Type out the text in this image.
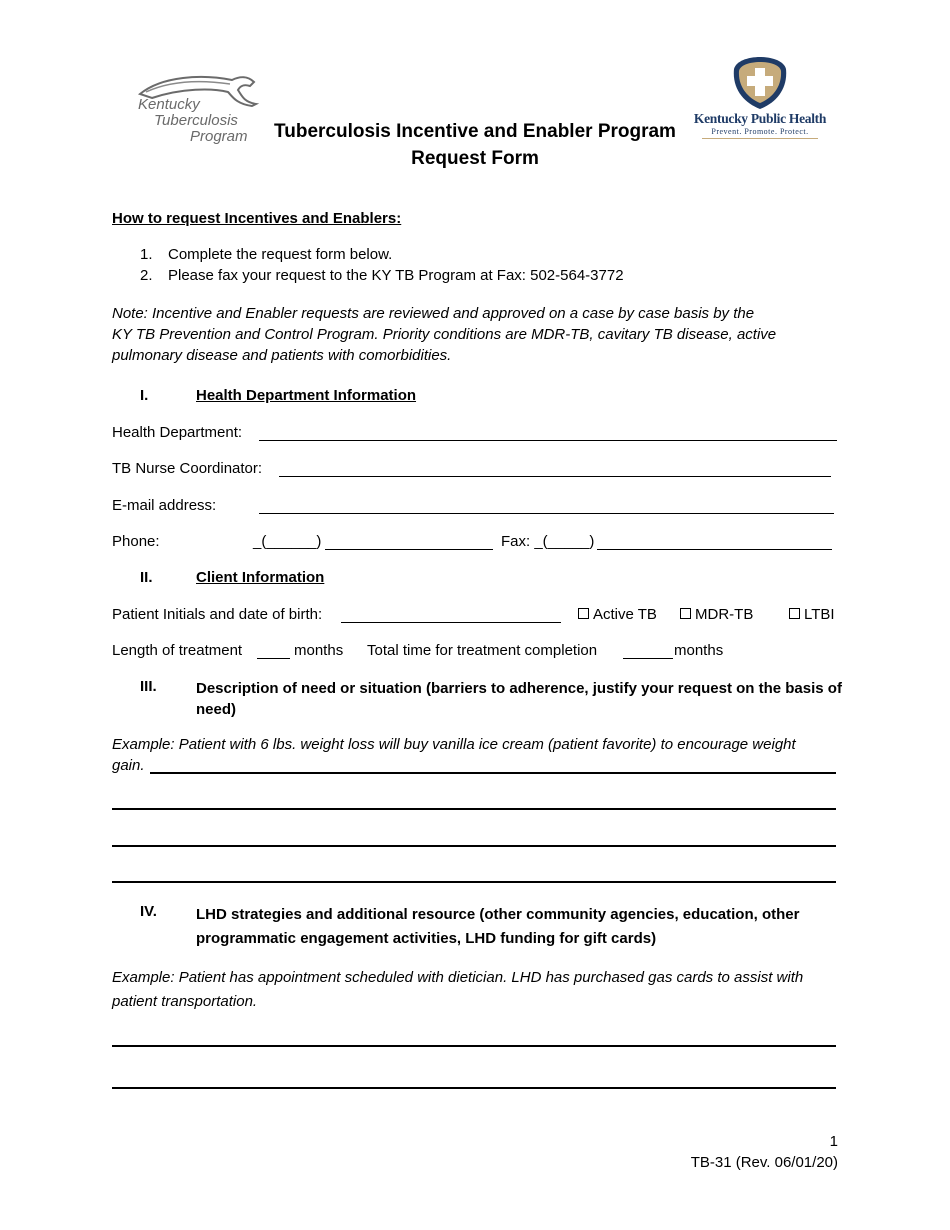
Kentucky
Tuberculosis
Program
Kentucky Public Health
Prevent. Promote. Protect.
Tuberculosis Incentive and Enabler Program
Request Form
How to request Incentives and Enablers:
1. Complete the request form below.
2. Please fax your request to the KY TB Program at Fax: 502-564-3772
Note: Incentive and Enabler requests are reviewed and approved on a case by case basis by the
KY TB Prevention and Control Program. Priority conditions are MDR-TB, cavitary TB disease, active
pulmonary disease and patients with comorbidities.
I.	Health Department Information
Health Department:
TB Nurse Coordinator:
E-mail address:
Phone:	_(______)	Fax: _(_____)
II.	Client Information
Patient Initials and date of birth:	Active TB	MDR-TB	LTBI
Length of treatment	months Total time for treatment completion	months
III.	Description of need or situation (barriers to adherence, justify your request on the basis of
need)
Example: Patient with 6 lbs. weight loss will buy vanilla ice cream (patient favorite) to encourage weight
gain.
IV.	LHD strategies and additional resource (other community agencies, education, other
programmatic engagement activities, LHD funding for gift cards)
Example: Patient has appointment scheduled with dietician. LHD has purchased gas cards to assist with
patient transportation.
1
TB-31 (Rev. 06/01/20)
